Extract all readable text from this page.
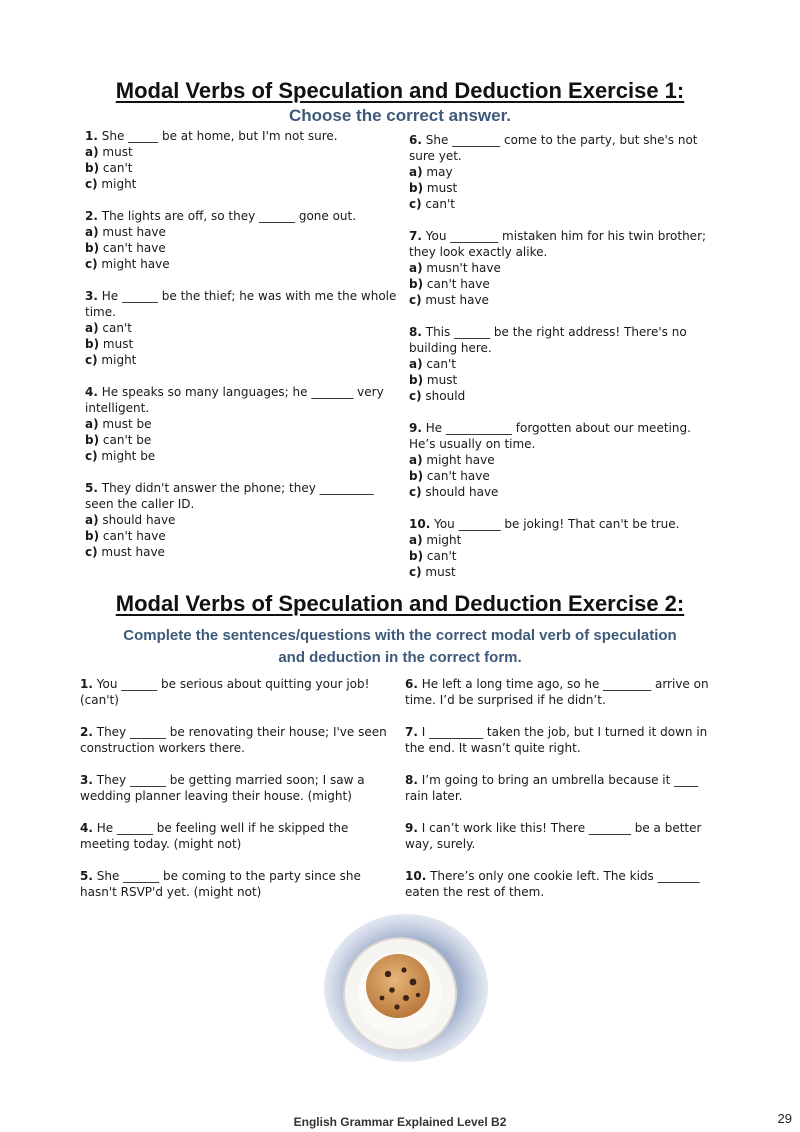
Modal Verbs of Speculation and Deduction Exercise 1:
Choose the correct answer.

1. She _____ be at home, but I'm not sure.

a) must

b) can't

c) might

2. The lights are off, so they ______ gone out.

a) must have

b) can't have

c) might have

3. He ______ be the thief; he was with me the whole time.

a) can't

b) must

c) might

4. He speaks so many languages; he _______ very intelligent.

a) must be

b) can't be

c) might be

5. They didn't answer the phone; they _________ seen the caller ID.

a) should have

b) can't have

c) must have

6. She ________ come to the party, but she's not sure yet.

a) may

b) must

c) can't

7. You ________ mistaken him for his twin brother; they look exactly alike.

a) musn't have

b) can't have

c) must have

8. This ______ be the right address! There's no building here.

a) can't

b) must

c) should

9. He ___________ forgotten about our meeting. He’s usually on time.

a) might have

b) can't have

c) should have

10. You _______ be joking! That can't be true.

a) might

b) can't

c) must

Modal Verbs of Speculation and Deduction Exercise 2:
Complete the sentences/questions with the correct modal verb of speculation
and deduction in the correct form.

1. You ______ be serious about quitting your job! (can't)

2. They ______ be renovating their house; I've seen construction workers there.

3. They ______ be getting married soon; I saw a wedding planner leaving their house. (might)

4. He ______ be feeling well if he skipped the meeting today. (might not)

5. She ______ be coming to the party since she hasn't RSVP'd yet. (might not)

6. He left a long time ago, so he ________ arrive on time. I’d be surprised if he didn’t.

7. I _________ taken the job, but I turned it down in the end. It wasn’t quite right.

8. I’m going to bring an umbrella because it ____ rain later.

9. I can’t work like this! There _______ be a better way, surely.

10. There’s only one cookie left. The kids _______ eaten the rest of them.

English Grammar Explained Level B2	29
